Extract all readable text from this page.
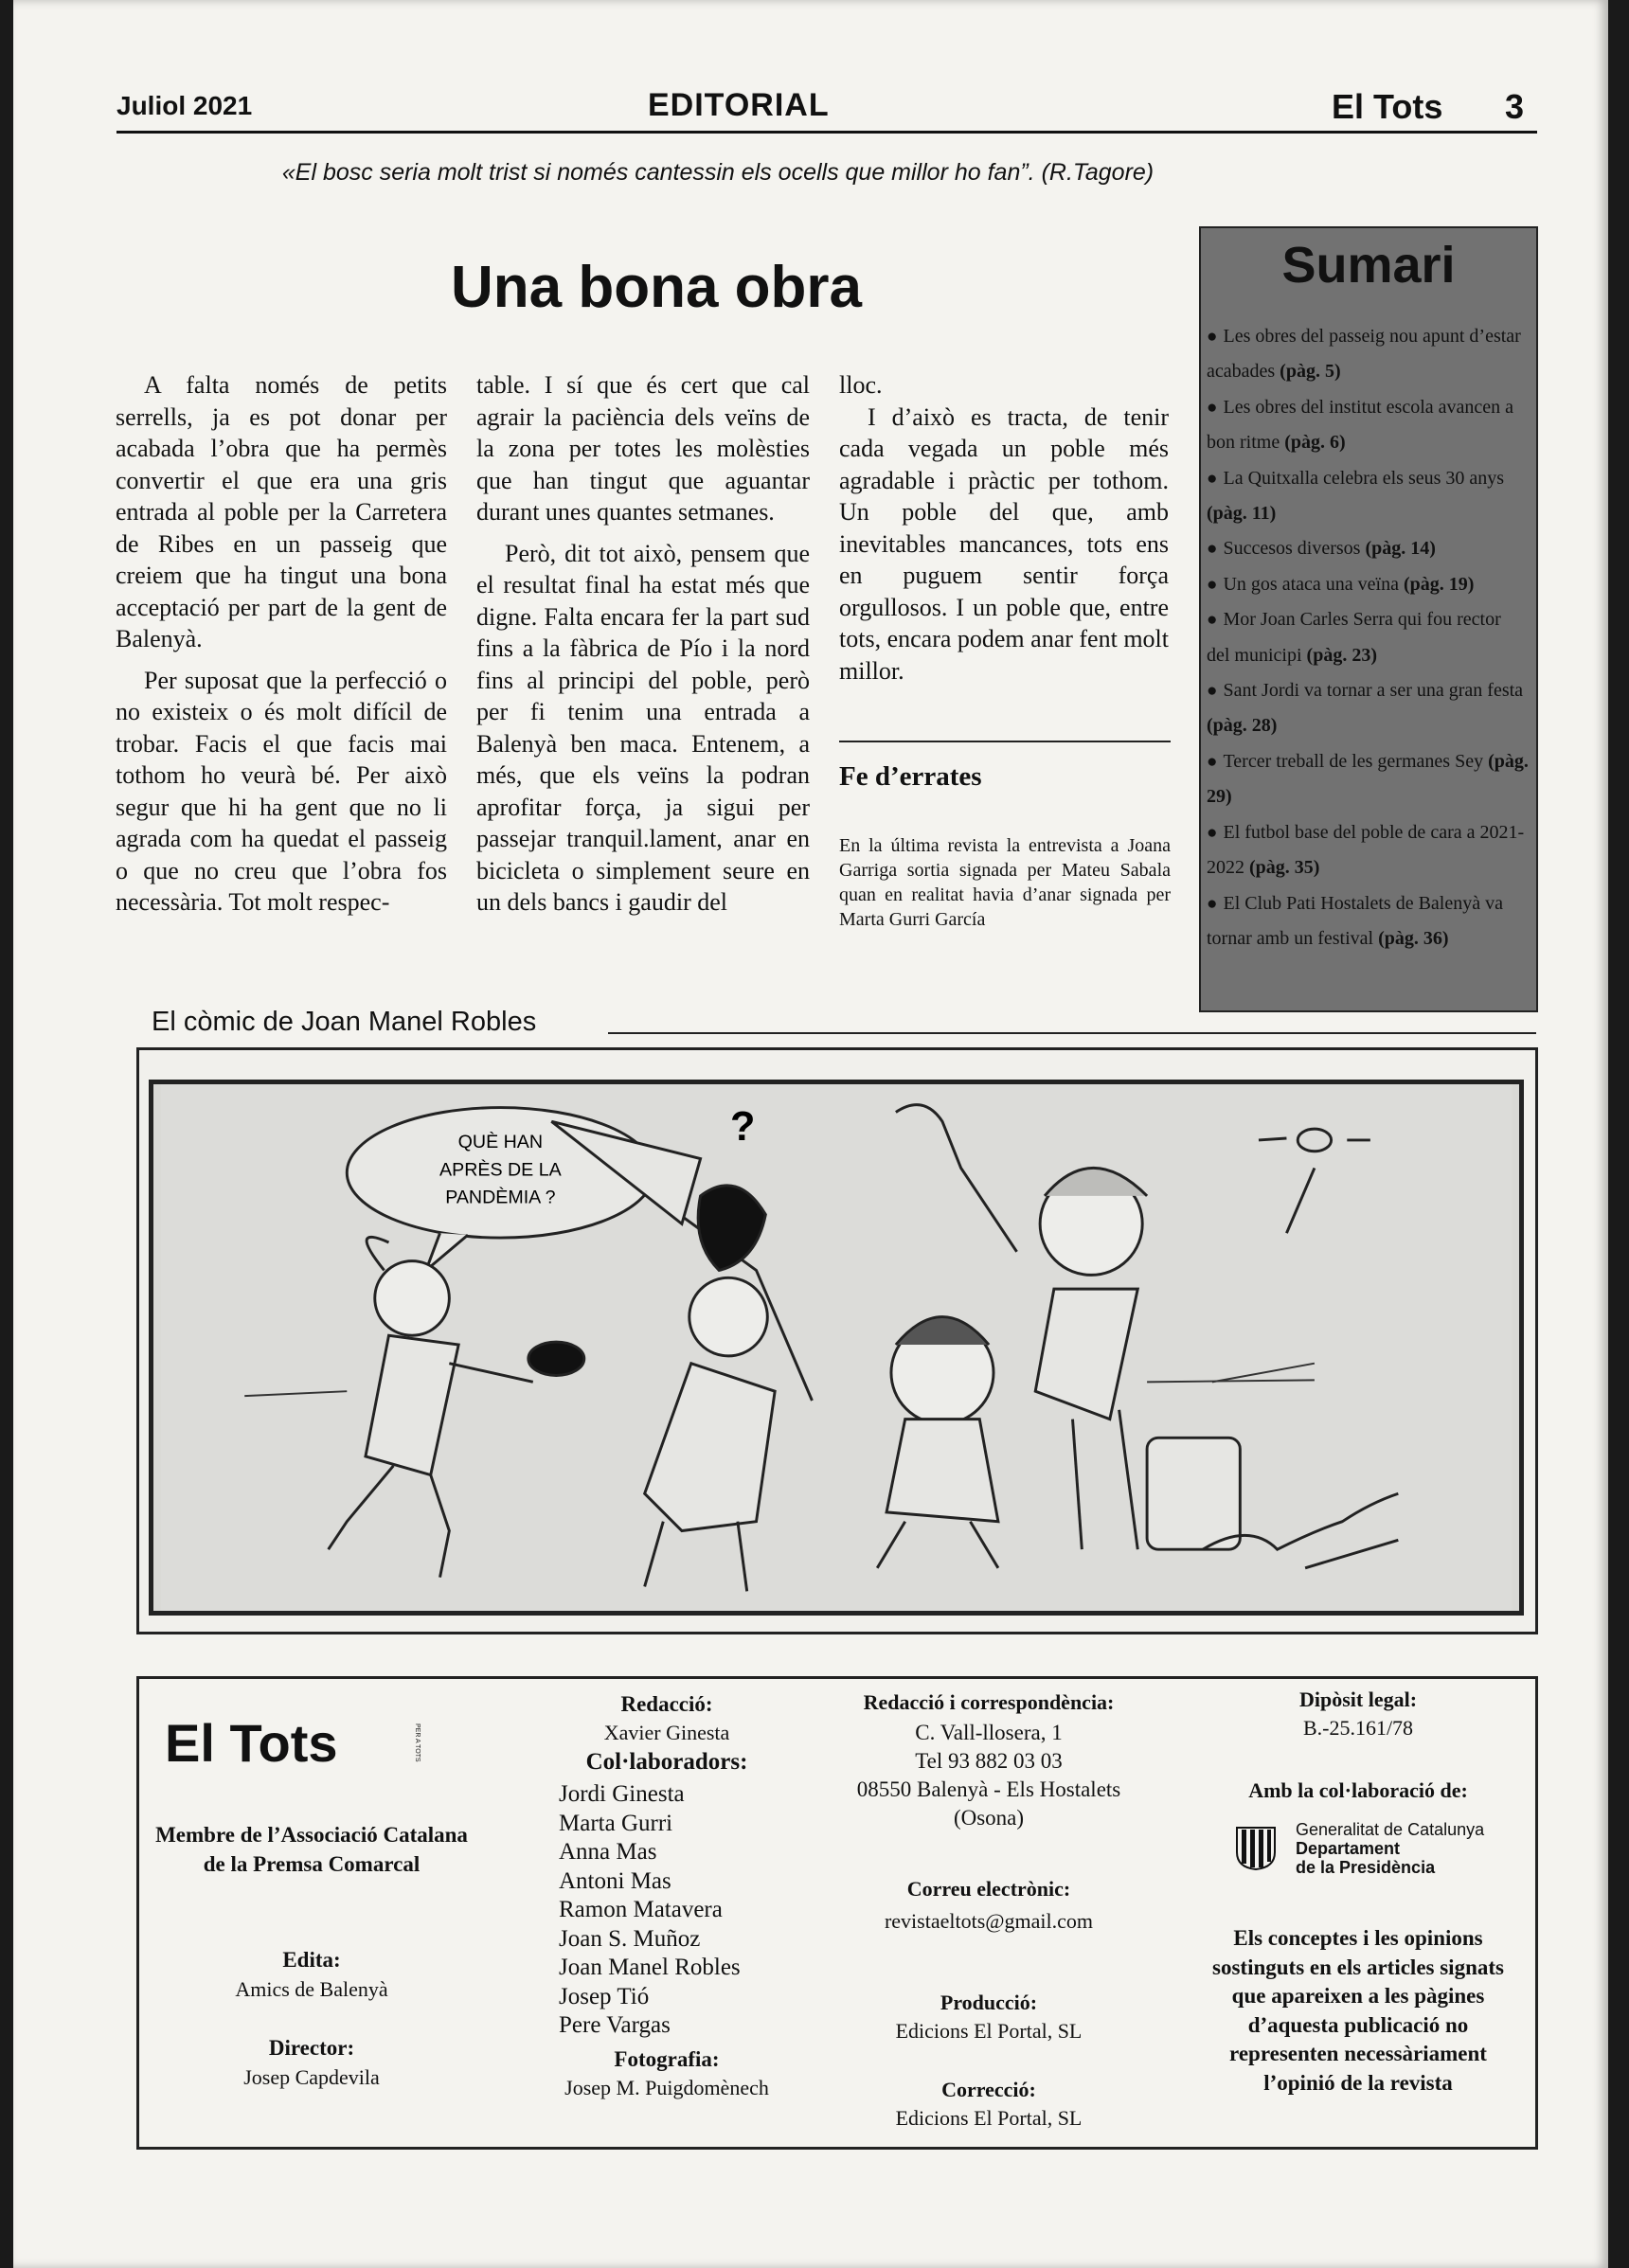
Juliol 2021	EDITORIAL	El Tots 3
«El bosc seria molt trist si només cantessin els ocells que millor ho fan”. (R.Tagore)
Una bona obra

A falta només de petits serrells, ja es pot donar per acabada l’obra que ha permès convertir el que era una gris entrada al poble per la Carretera de Ribes en un passeig que creiem que ha tingut una bona acceptació per part de la gent de Balenyà.

Per suposat que la perfecció o no existeix o és molt difícil de trobar. Facis el que facis mai tothom ho veurà bé. Per això segur que hi ha gent que no li agrada com ha quedat el passeig o que no creu que l’obra fos necessària. Tot molt respec-

table. I sí que és cert que cal agrair la paciència dels veïns de la zona per totes les molèsties que han tingut que aguantar durant unes quantes setmanes.

Però, dit tot això, pensem que el resultat final ha estat més que digne. Falta encara fer la part sud fins a la fàbrica de Pío i la nord fins al principi del poble, però per fi tenim una entrada a Balenyà ben maca. Entenem, a més, que els veïns la podran aprofitar força, ja sigui per passejar tranquil.lament, anar en bicicleta o simplement seure en un dels bancs i gaudir del

lloc.

I d’això es tracta, de tenir cada vegada un poble més agradable i pràctic per tothom. Un poble del que, amb inevitables mancances, tots ens en puguem sentir força orgullosos. I un poble que, entre tots, encara podem anar fent molt millor.

Fe d’errates
En la última revista la entrevista a Joana Garriga sortia signada per Mateu Sabala quan en realitat havia d’anar signada per Marta Gurri García
Sumari
● Les obres del passeig nou apunt d’estar acabades (pàg. 5)
● Les obres del institut escola avancen a bon ritme (pàg. 6)
● La Quitxalla celebra els seus 30 anys (pàg. 11)
● Succesos diversos (pàg. 14)
● Un gos ataca una veïna (pàg. 19)
● Mor Joan Carles Serra qui fou rector del municipi (pàg. 23)
● Sant Jordi va tornar a ser una gran festa (pàg. 28)
● Tercer treball de les germanes Sey (pàg. 29)
● El futbol base del poble de cara a 2021-2022 (pàg. 35)
● El Club Pati Hostalets de Balenyà va tornar amb un festival (pàg. 36)
El còmic de Joan Manel Robles
QUÈ HAN
APRÈS DE LA
PANDÈMIA ?
?
El Tots	PER A TOTS
Membre de l’Associació Catalana de la Premsa Comarcal
Edita:
Amics de Balenyà
Director:
Josep Capdevila
Redacció:
Xavier Ginesta
Col·laboradors:
Jordi Ginesta
Marta Gurri
Anna Mas
Antoni Mas
Ramon Matavera
Joan S. Muñoz
Joan Manel Robles
Josep Tió
Pere Vargas
Fotografia:
Josep M. Puigdomènech
Redacció i correspondència:
C. Vall-llosera, 1
Tel 93 882 03 03
08550 Balenyà - Els Hostalets
(Osona)
Correu electrònic:
revistaeltots@gmail.com
Producció:
Edicions El Portal, SL
Correcció:
Edicions El Portal, SL
Dipòsit legal:
B.-25.161/78
Amb la col·laboració de:
Generalitat de Catalunya
Departament
de la Presidència
Els conceptes i les opinions sostinguts en els articles signats que apareixen a les pàgines d’aquesta publicació no representen necessàriament l’opinió de la revista
